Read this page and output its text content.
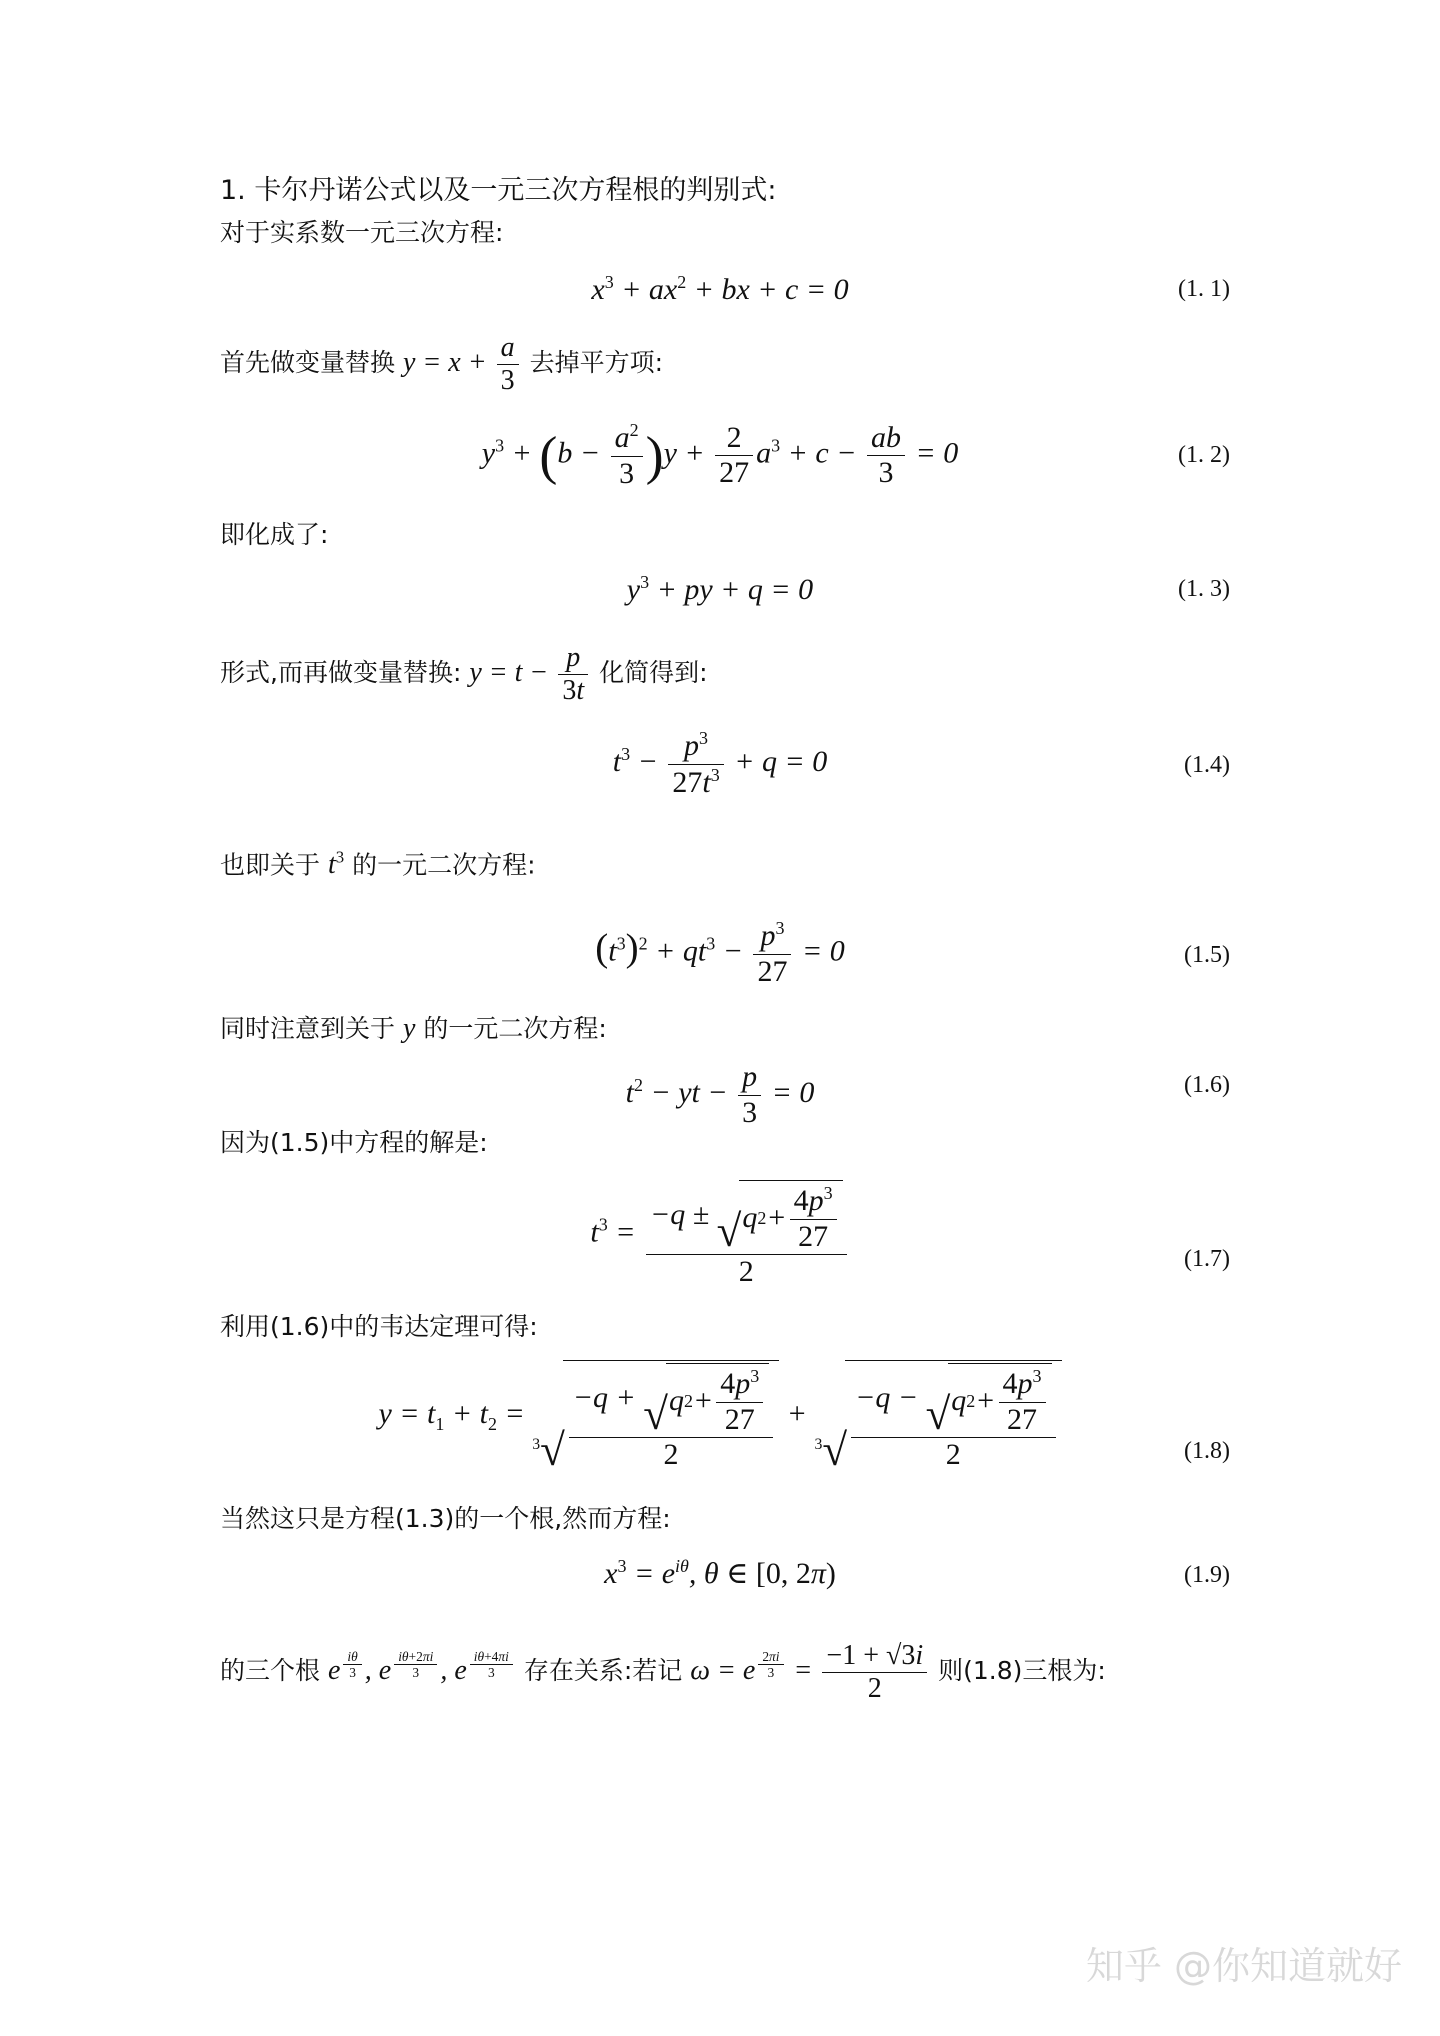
1. 卡尔丹诺公式以及一元三次方程根的判别式:
对于实系数一元三次方程:
$x^3 + ax^2$ + bx + c = 0	(1. 1)
首先做变量替换 $y = x + \frac{a}{3}$ 去掉平方项:
$y^3 + (b - \frac{a^2}{3} )y + \frac{2}{27} a^3 + c - \frac{ab}{3} = 0$	(1. 2)
即化成了:
$y^3$ + py + q = 0	(1. 3)
形式,而再做变量替换: $y = t - \frac{p}{3t}$ 化简得到:
$t^3 - \frac{p^3}{27t^3} + q = 0$	(1.4)
也即关于 $t^3$ 的一元二次方程:
$(t^3)^2 + qt^3 - \frac{p^3}{27} = 0$	(1.5)
同时注意到关于 y 的一元二次方程:
$t^2$ − yt − $\frac{p}{3} = 0$	(1.6)
因为(1.5)中方程的解是:
$t^3 = -q$ ± √ q 2 +
$4p^3$
27
2	(1.7)
利用(1.6)中的韦达定理可得:
$y = t_1 + t_2$ =
$^3$√
−q + √ q 2 +
$4p^3$
27
2
+
$^3$√
−q − √ q 2 +
$4p^3$
27
2	(1.8)
当然这只是方程(1.3)的一个根,然而方程:
$x^3 = e^{i\theta}$, θ ∈ [0, 2π)	(1.9)
的三个根 e $^{\frac{i\theta}{3}}$ , e $^{\frac{i\theta+2\pi i}{3}}$ , e $^{\frac{i\theta+4\pi i}{3}}$ 存在关系:若记 ω = e $^{\frac{2\pi i}{3}} = \frac{-1 + √3i}{2}$ 则(1.8)三根为:
知乎 @你知道就好
